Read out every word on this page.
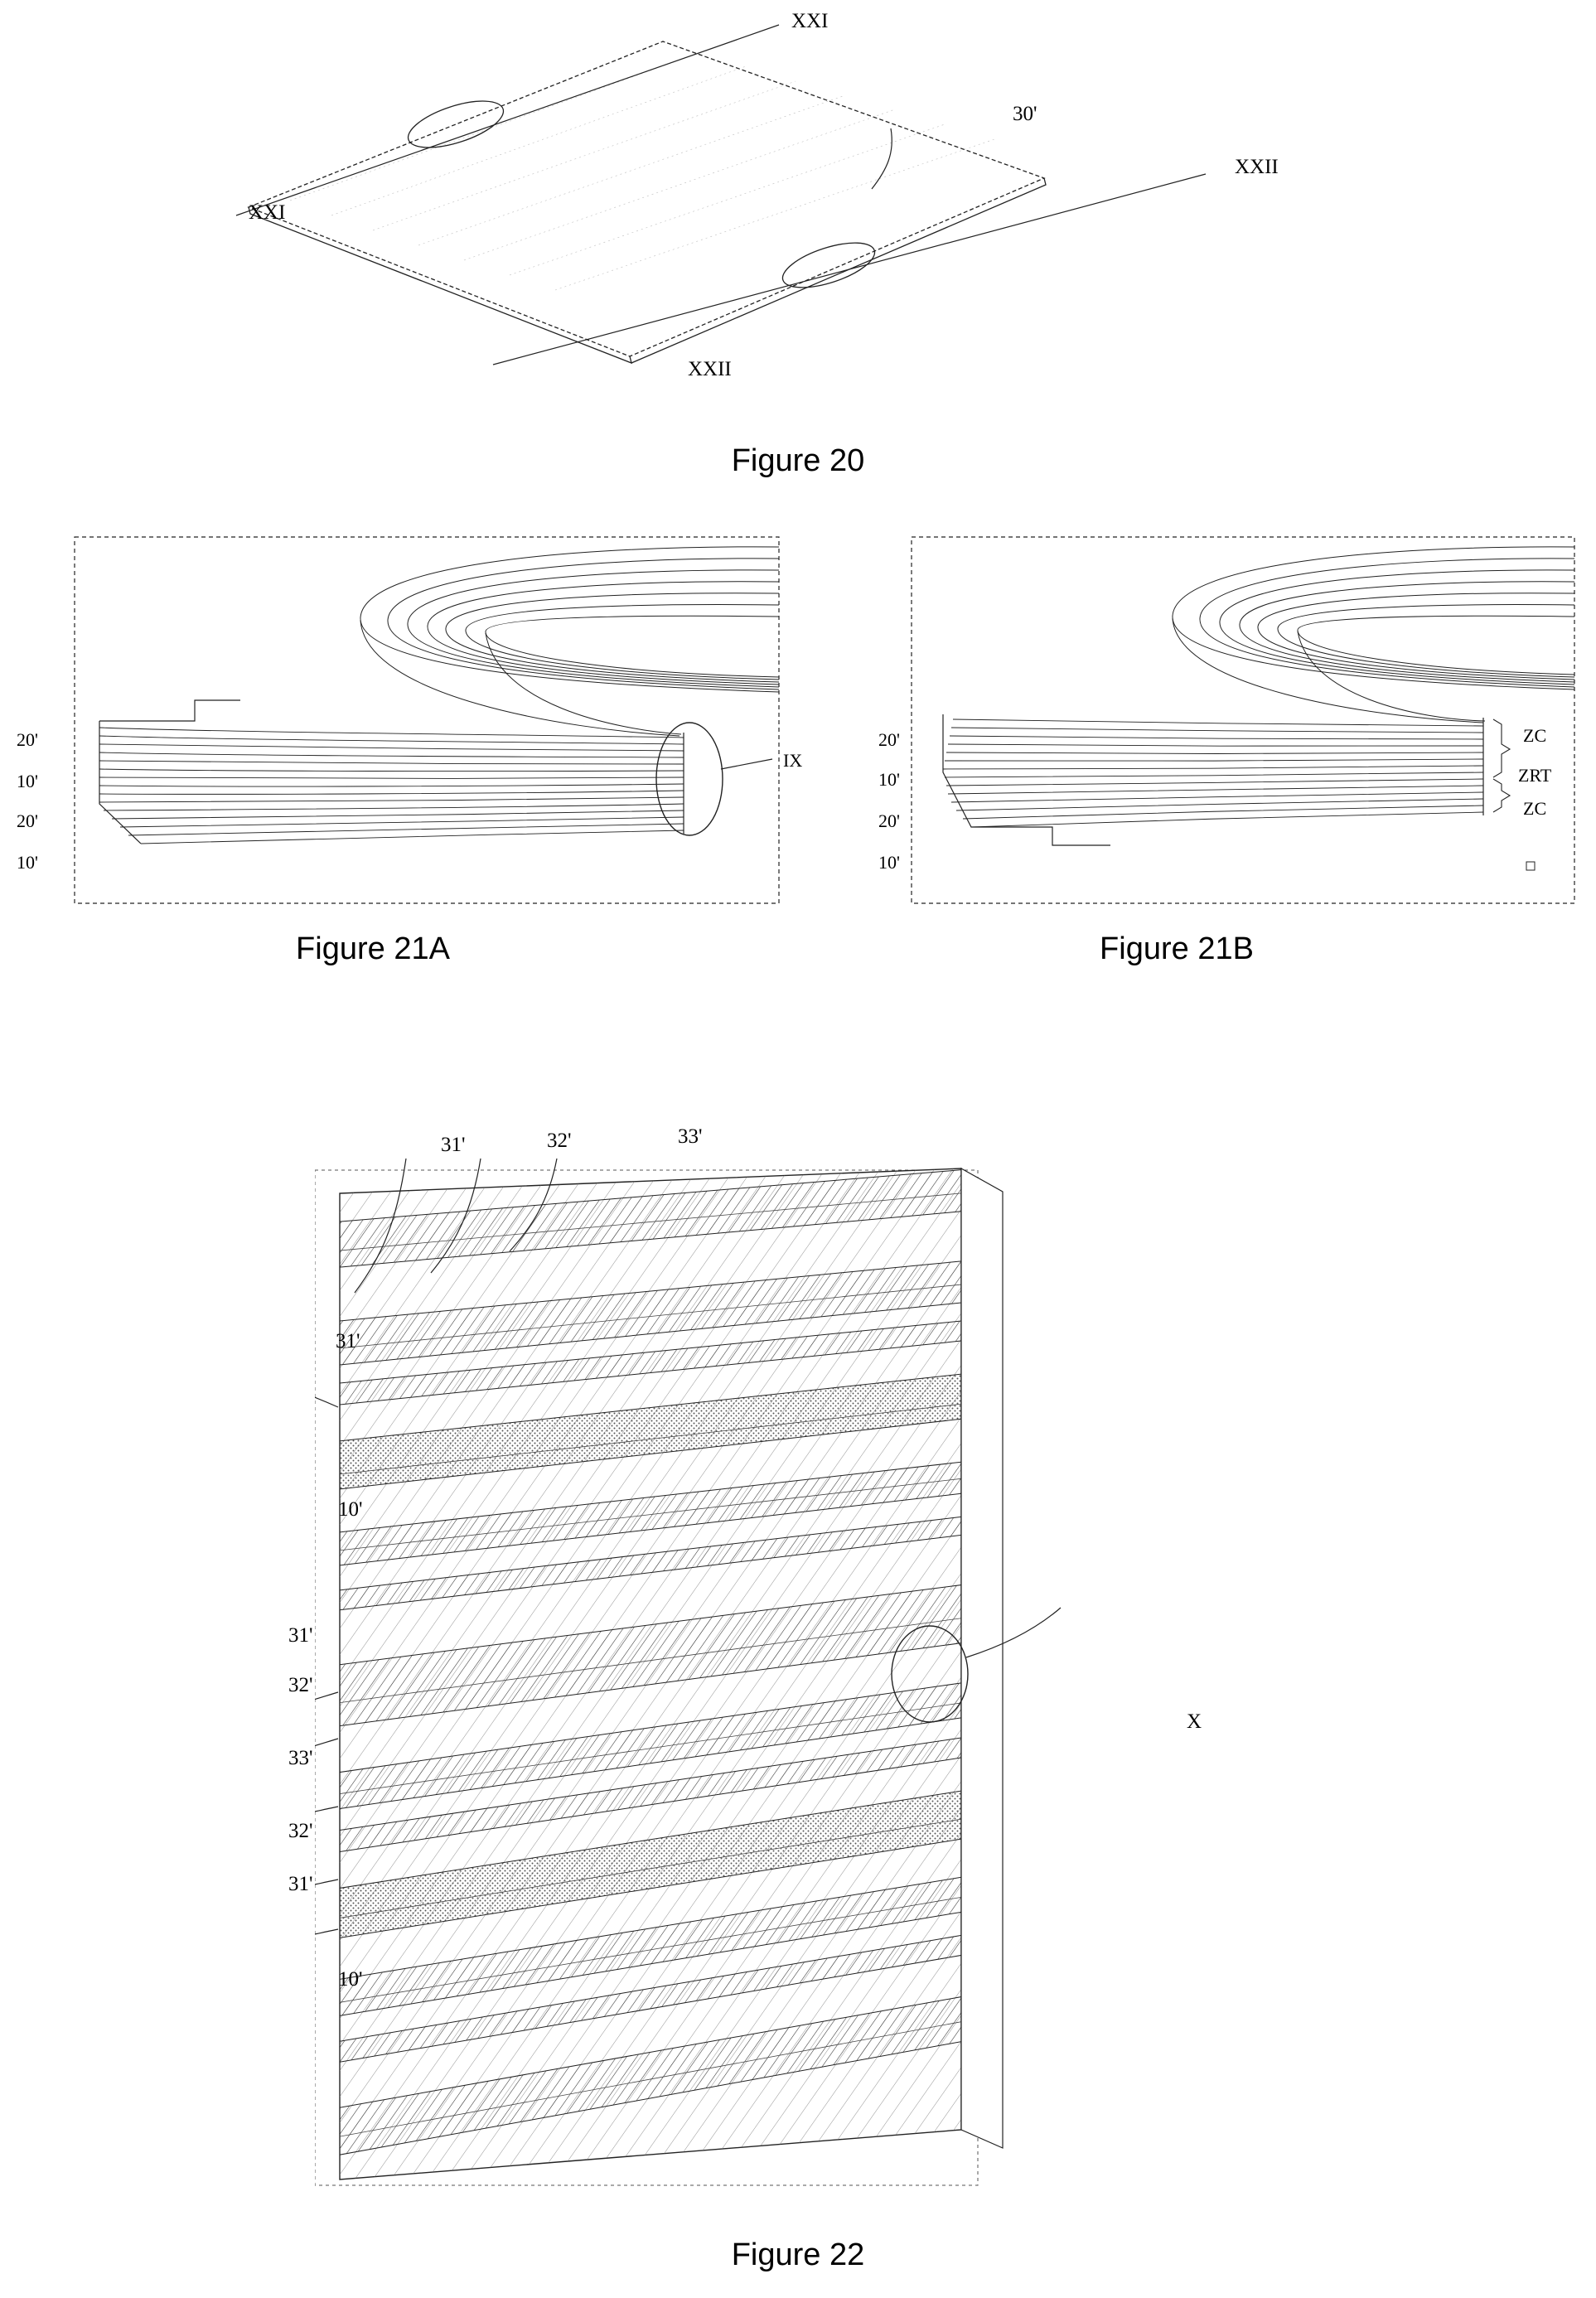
XXI
XXI
XXII
XXII
30'
Figure 20
20'
10'
20'
10'
IX
Figure 21A
20'
10'
20'
10'
ZC
ZRT
ZC
Figure 21B
31'	32'	33'
31'
10'
31'
32'
33'
32'
31'
10'
X
Figure 22
